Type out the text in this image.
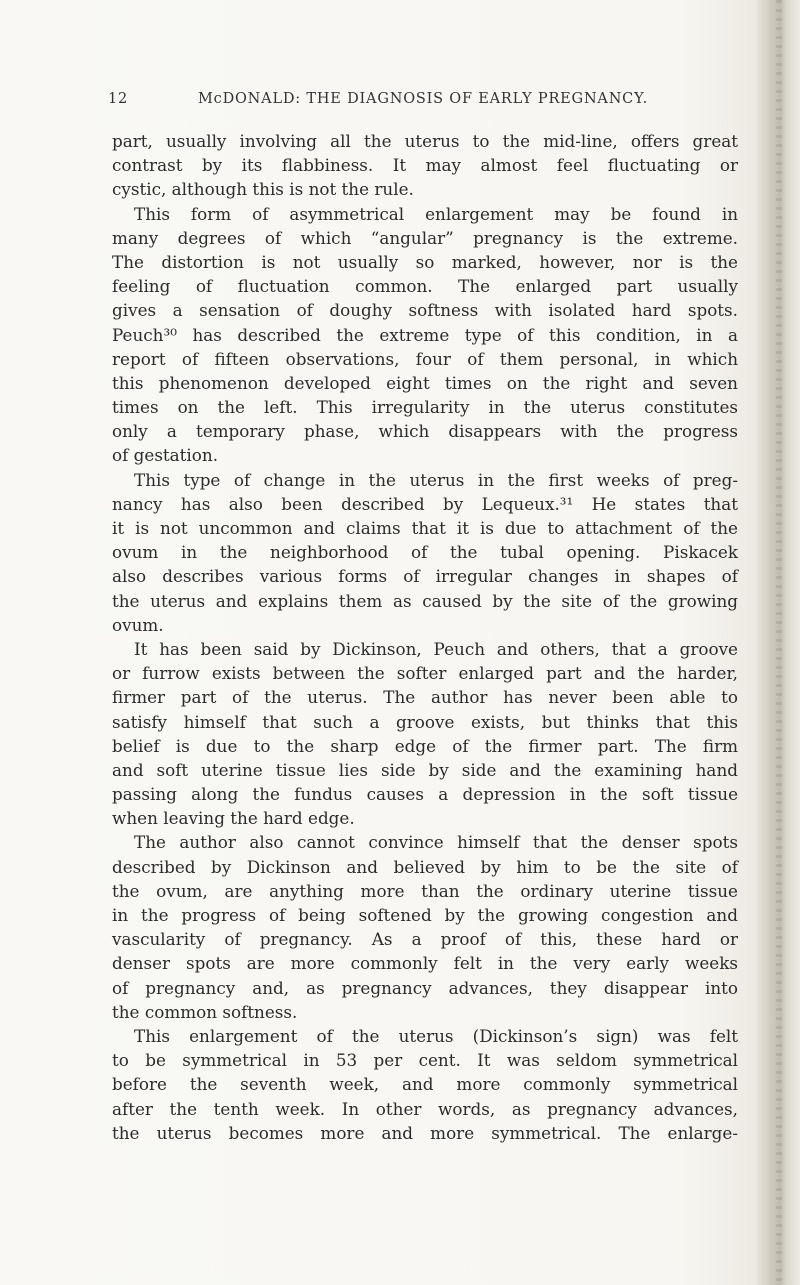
12	McDONALD: THE DIAGNOSIS OF EARLY PREGNANCY.
part, usually involving all the uterus to the mid-line, offers great
contrast by its flabbiness. It may almost feel fluctuating or
cystic, although this is not the rule.
This form of asymmetrical enlargement may be found in
many degrees of which “angular” pregnancy is the extreme.
The distortion is not usually so marked, however, nor is the
feeling of fluctuation common. The enlarged part usually
gives a sensation of doughy softness with isolated hard spots.
Peuch³⁰ has described the extreme type of this condition, in a
report of fifteen observations, four of them personal, in which
this phenomenon developed eight times on the right and seven
times on the left. This irregularity in the uterus constitutes
only a temporary phase, which disappears with the progress
of gestation.
This type of change in the uterus in the first weeks of preg-
nancy has also been described by Lequeux.³¹ He states that
it is not uncommon and claims that it is due to attachment of the
ovum in the neighborhood of the tubal opening. Piskacek
also describes various forms of irregular changes in shapes of
the uterus and explains them as caused by the site of the growing
ovum.
It has been said by Dickinson, Peuch and others, that a groove
or furrow exists between the softer enlarged part and the harder,
firmer part of the uterus. The author has never been able to
satisfy himself that such a groove exists, but thinks that this
belief is due to the sharp edge of the firmer part. The firm
and soft uterine tissue lies side by side and the examining hand
passing along the fundus causes a depression in the soft tissue
when leaving the hard edge.
The author also cannot convince himself that the denser spots
described by Dickinson and believed by him to be the site of
the ovum, are anything more than the ordinary uterine tissue
in the progress of being softened by the growing congestion and
vascularity of pregnancy. As a proof of this, these hard or
denser spots are more commonly felt in the very early weeks
of pregnancy and, as pregnancy advances, they disappear into
the common softness.
This enlargement of the uterus (Dickinson’s sign) was felt
to be symmetrical in 53 per cent. It was seldom symmetrical
before the seventh week, and more commonly symmetrical
after the tenth week. In other words, as pregnancy advances,
the uterus becomes more and more symmetrical. The enlarge-
